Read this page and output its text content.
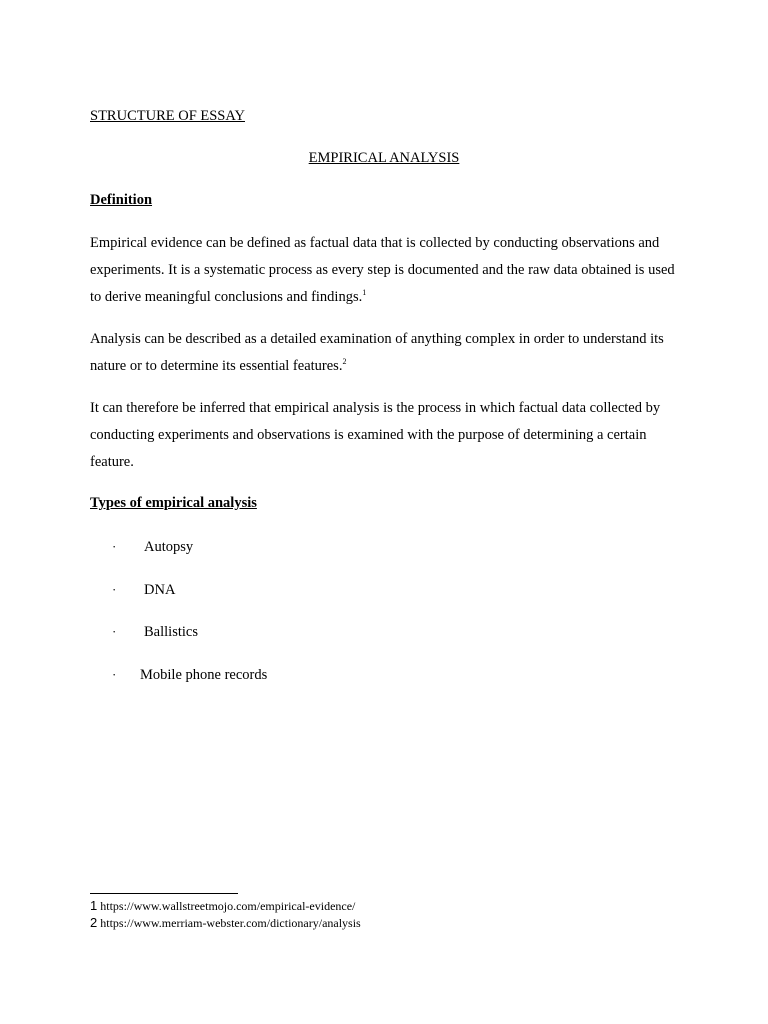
STRUCTURE OF ESSAY

EMPIRICAL ANALYSIS

Definition

Empirical evidence can be defined as factual data that is collected by conducting observations and experiments. It is a systematic process as every step is documented and the raw data obtained is used to derive meaningful conclusions and findings.$^1$

Analysis can be described as a detailed examination of anything complex in order to understand its nature or to determine its essential features.$^2$

It can therefore be inferred that empirical analysis is the process in which factual data collected by conducting experiments and observations is examined with the purpose of determining a certain feature.

Types of empirical analysis

· Autopsy
· DNA
· Ballistics
· Mobile phone records
1 https://www.wallstreetmojo.com/empirical-evidence/
2 https://www.merriam-webster.com/dictionary/analysis
